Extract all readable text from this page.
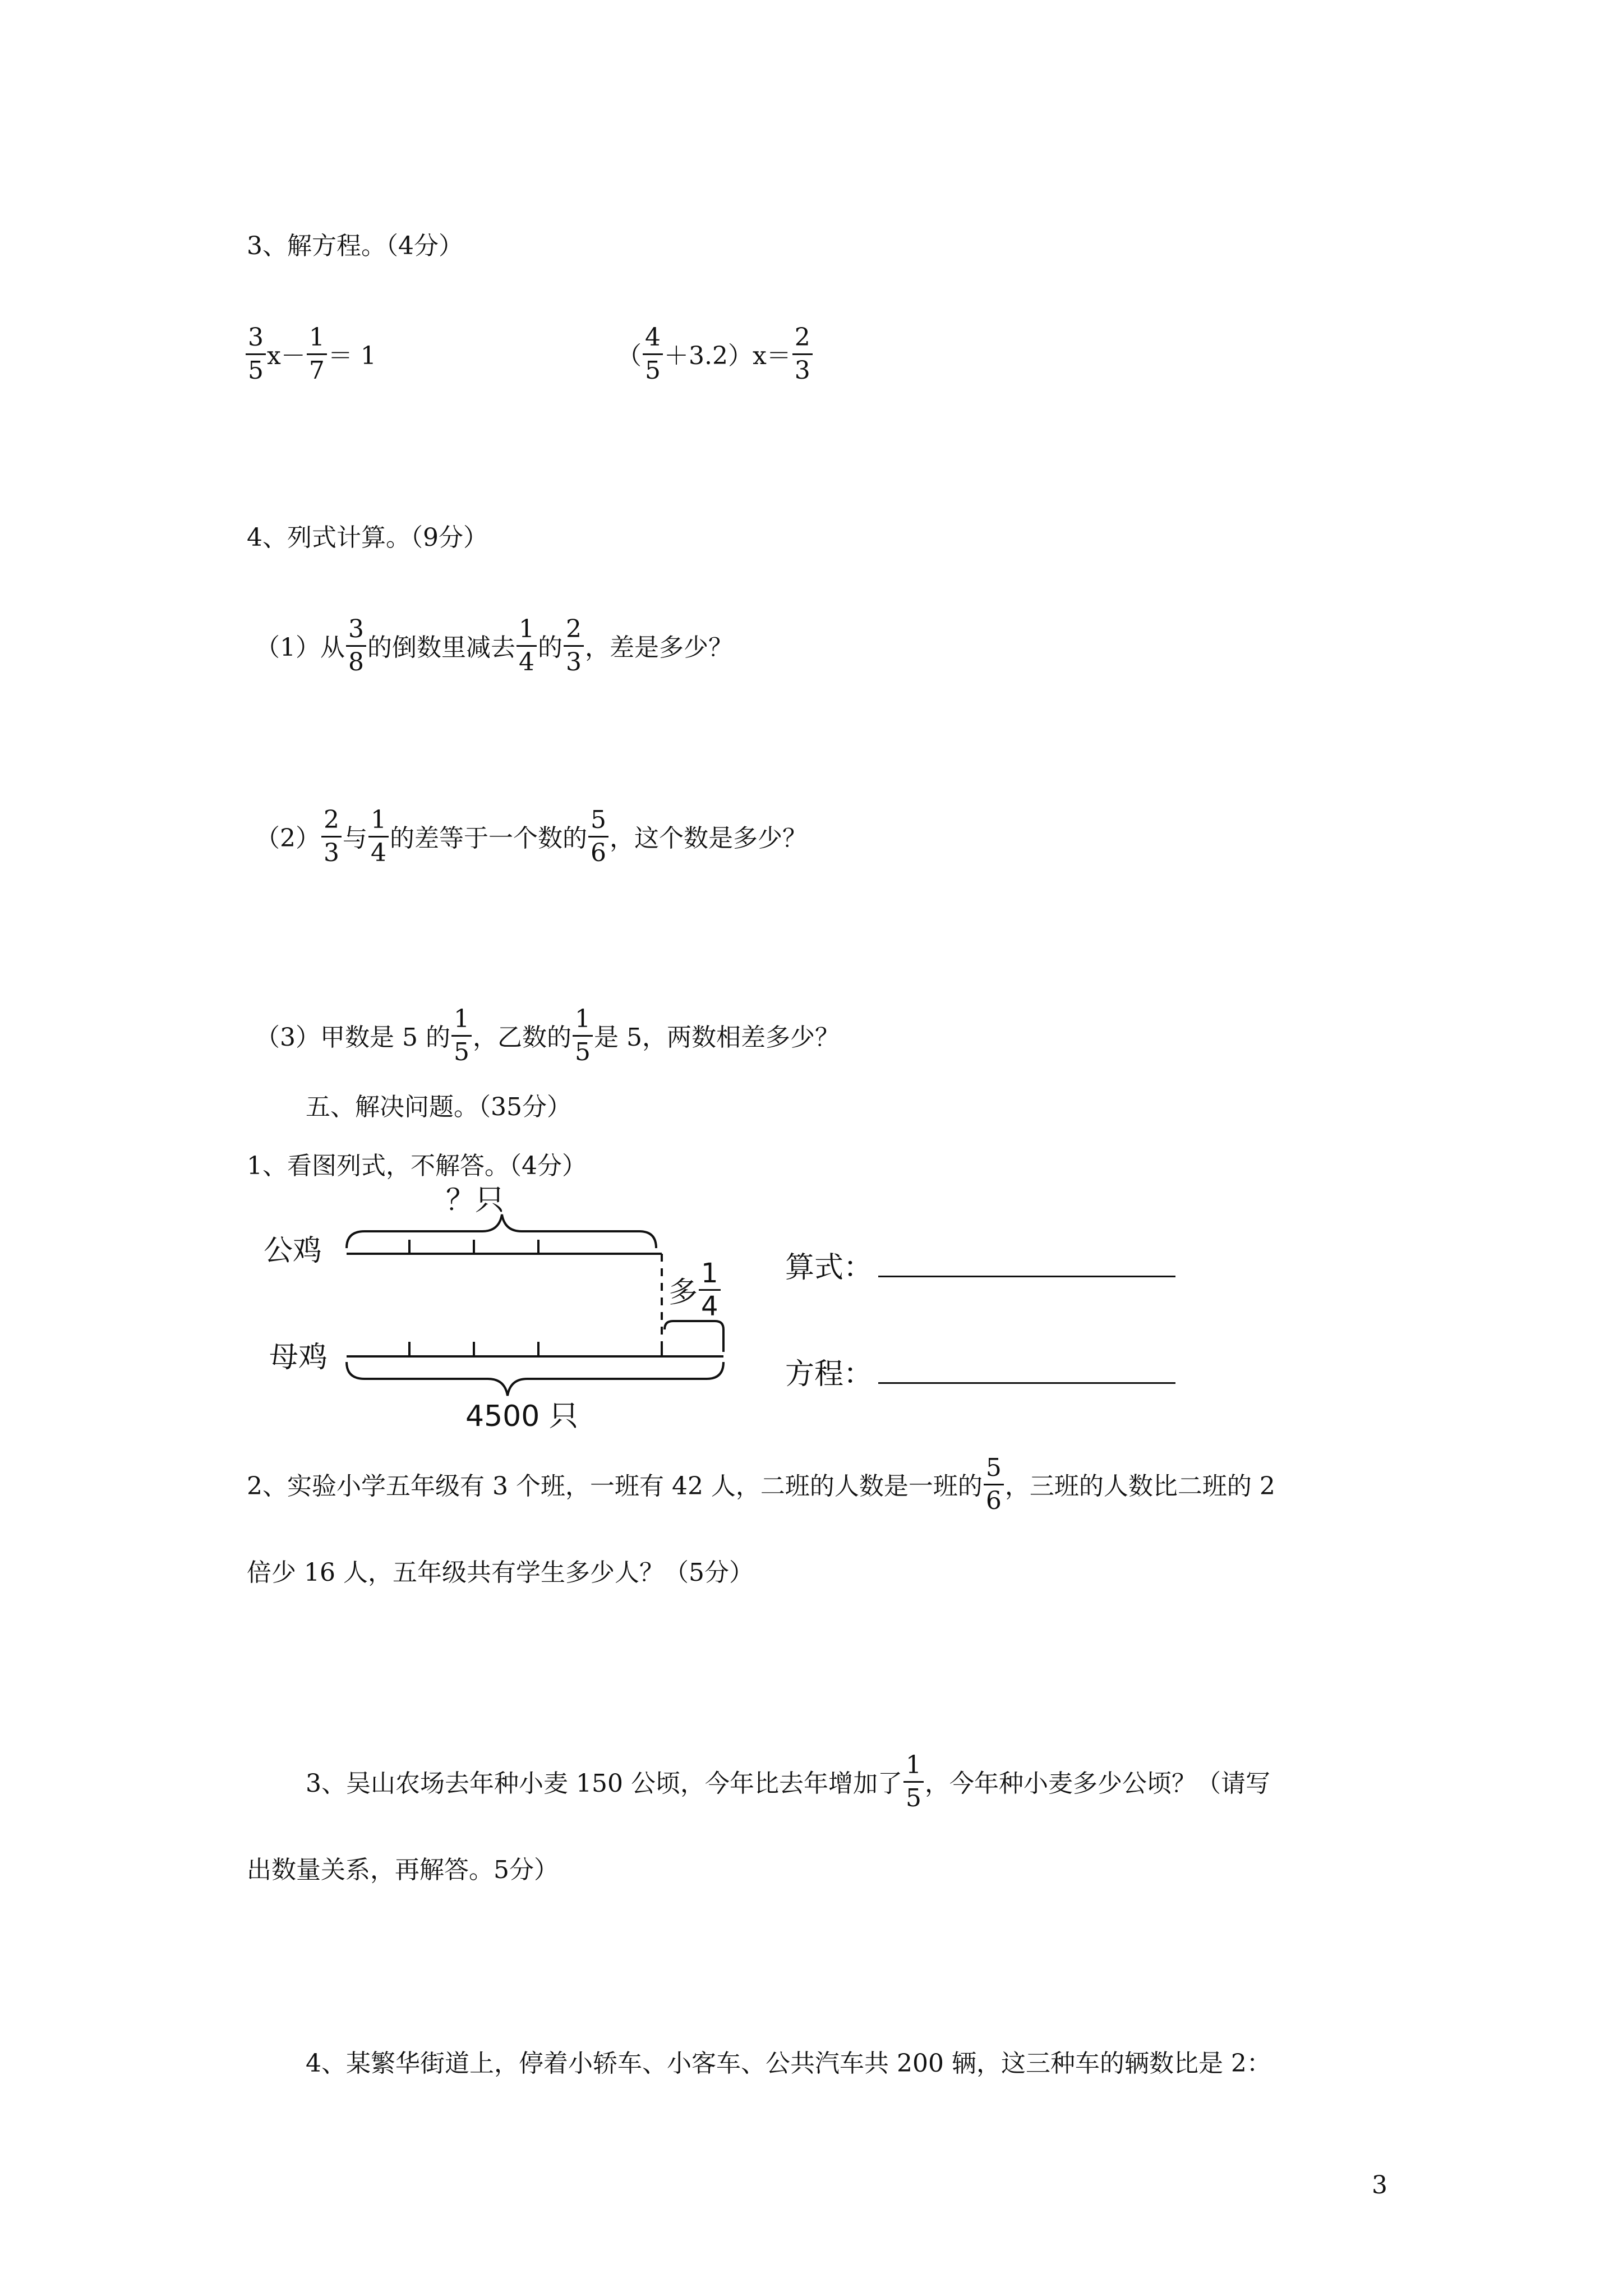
3、解方程。（4分）
$\frac{3}{5} x- \frac{1}{7} = 1$	（ $\frac{4}{5} +3.2)x= \frac{2}{3}$
4、列式计算。（9分）
（1）从 $\frac{3}{8}$ 的倒数里减去 $\frac{1}{4}$ 的 $\frac{2}{3}$ ，差是多少？
$(2) \frac{2}{3}$ 与 $\frac{1}{4}$ 的差等于一个数的 $\frac{5}{6}$ ，这个数是多少？
（3）甲数是 5 的 $\frac{1}{5}$ ，乙数的 $\frac{1}{5}$ 是 5，两数相差多少？
五、解决问题。（35分）
1、看图列式，不解答。（4分）
？只
公鸡
母鸡
多 $\frac{1}{4}$
4500 只
算式：
方程：
2、实验小学五年级有 3 个班，一班有 42 人，二班的人数是一班的 $\frac{5}{6}$ ，三班的人数比二班的 2
倍少 16 人，五年级共有学生多少人？（5分）
3、吴山农场去年种小麦 150 公顷，今年比去年增加了 $\frac{1}{5}$ ，今年种小麦多少公顷？（请写
出数量关系，再解答。5分）
4、某繁华街道上，停着小轿车、小客车、公共汽车共 200 辆，这三种车的辆数比是 2：
3
